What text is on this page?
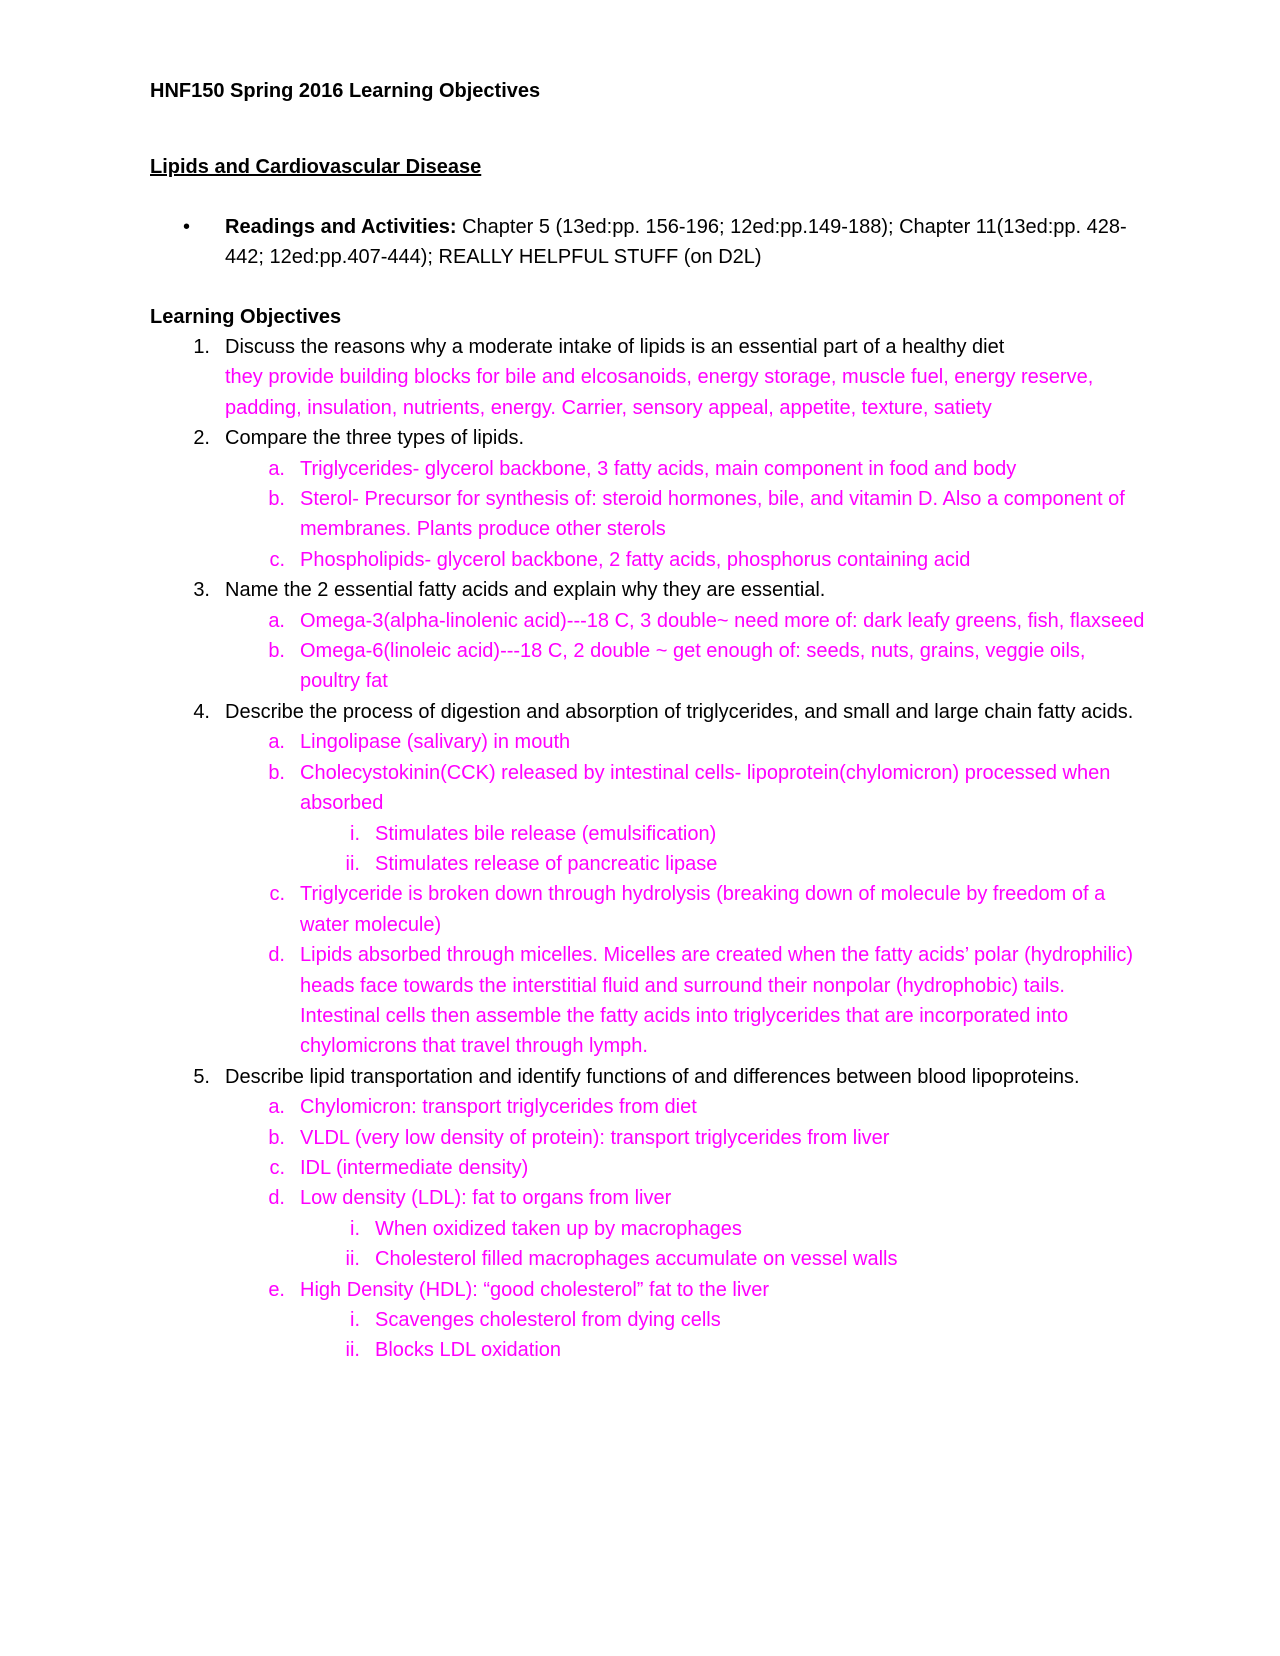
HNF150 Spring 2016 Learning Objectives
Lipids and Cardiovascular Disease
• Readings and Activities: Chapter 5 (13ed:pp. 156-196; 12ed:pp.149-188); Chapter 11(13ed:pp. 428-442; 12ed:pp.407-444); REALLY HELPFUL STUFF (on D2L)
Learning Objectives
1. Discuss the reasons why a moderate intake of lipids is an essential part of a healthy diet
they provide building blocks for bile and elcosanoids, energy storage, muscle fuel, energy reserve, padding, insulation, nutrients, energy. Carrier, sensory appeal, appetite, texture, satiety
2. Compare the three types of lipids.
a. Triglycerides- glycerol backbone, 3 fatty acids, main component in food and body
b. Sterol- Precursor for synthesis of: steroid hormones, bile, and vitamin D. Also a component of membranes. Plants produce other sterols
c. Phospholipids- glycerol backbone, 2 fatty acids, phosphorus containing acid
3. Name the 2 essential fatty acids and explain why they are essential.
a. Omega-3(alpha-linolenic acid)---18 C, 3 double~ need more of: dark leafy greens, fish, flaxseed
b. Omega-6(linoleic acid)---18 C, 2 double ~ get enough of: seeds, nuts, grains, veggie oils, poultry fat
4. Describe the process of digestion and absorption of triglycerides, and small and large chain fatty acids.
a. Lingolipase (salivary) in mouth
b. Cholecystokinin(CCK) released by intestinal cells- lipoprotein(chylomicron) processed when absorbed
i. Stimulates bile release (emulsification)
ii. Stimulates release of pancreatic lipase
c. Triglyceride is broken down through hydrolysis (breaking down of molecule by freedom of a water molecule)
d. Lipids absorbed through micelles. Micelles are created when the fatty acids’ polar (hydrophilic) heads face towards the interstitial fluid and surround their nonpolar (hydrophobic) tails. Intestinal cells then assemble the fatty acids into triglycerides that are incorporated into chylomicrons that travel through lymph.
5. Describe lipid transportation and identify functions of and differences between blood lipoproteins.
a. Chylomicron: transport triglycerides from diet
b. VLDL (very low density of protein): transport triglycerides from liver
c. IDL (intermediate density)
d. Low density (LDL): fat to organs from liver
i. When oxidized taken up by macrophages
ii. Cholesterol filled macrophages accumulate on vessel walls
e. High Density (HDL): “good cholesterol” fat to the liver
i. Scavenges cholesterol from dying cells
ii. Blocks LDL oxidation
